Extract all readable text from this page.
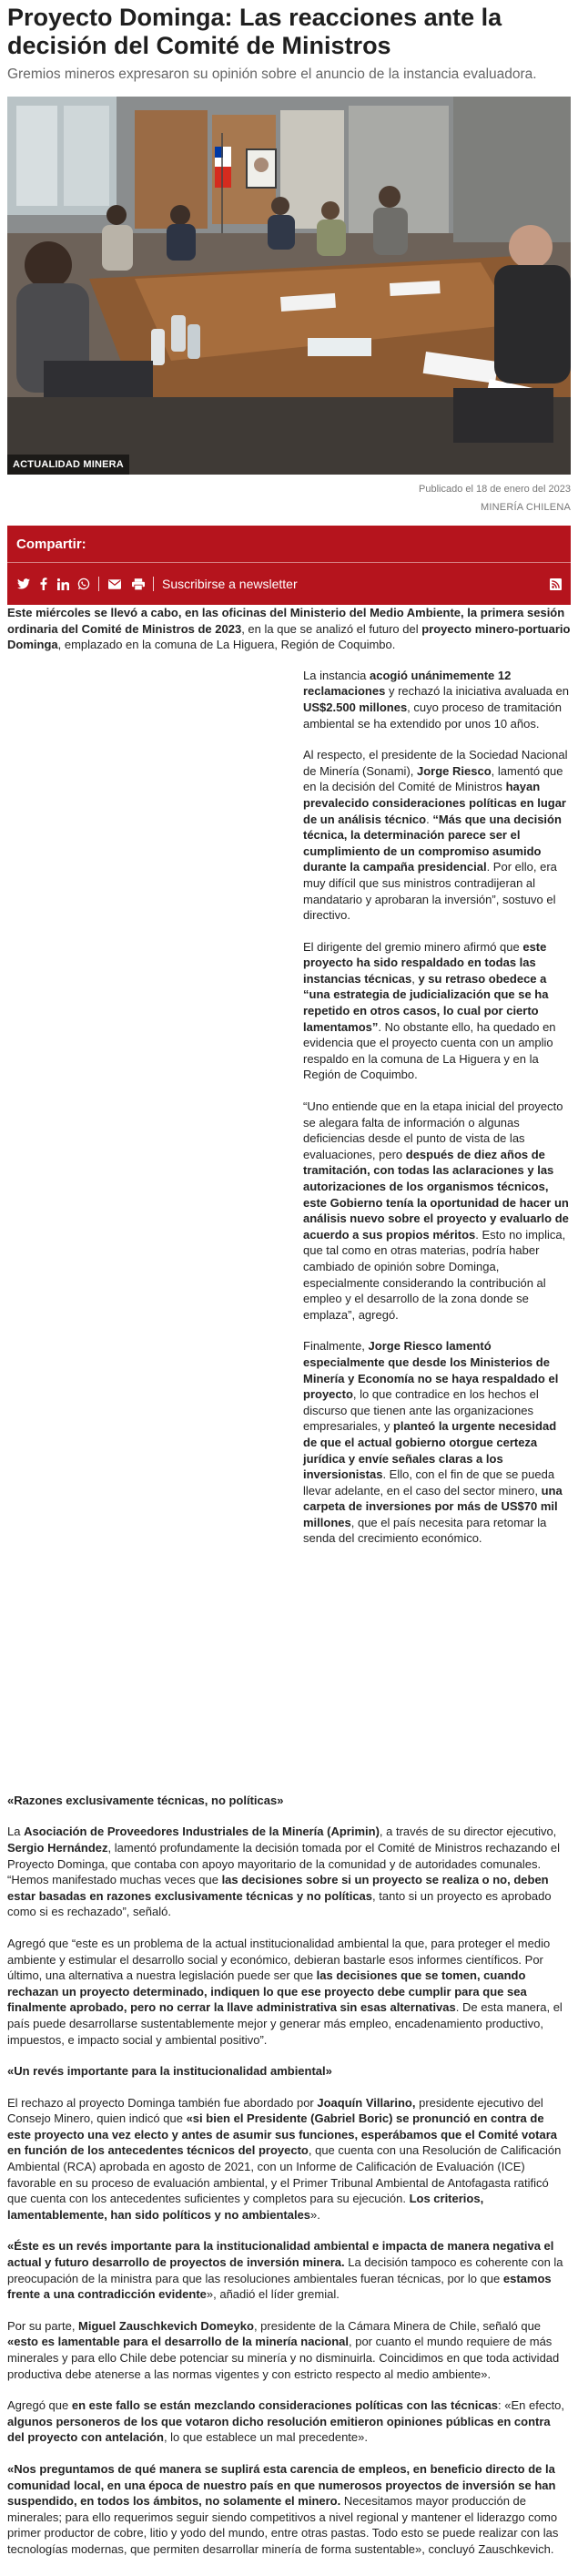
Proyecto Dominga: Las reacciones ante la decisión del Comité de Ministros

Gremios mineros expresaron su opinión sobre el anuncio de la instancia evaluadora.

ACTUALIDAD MINERA
Publicado el 18 de enero del 2023
MINERÍA CHILENA
Compartir:
Suscribirse a newsletter

Este miércoles se llevó a cabo, en las oficinas del Ministerio del Medio Ambiente, la primera sesión ordinaria del Comité de Ministros de 2023, en la que se analizó el futuro del proyecto minero-portuario Dominga, emplazado en la comuna de La Higuera, Región de Coquimbo.

La instancia acogió unánimemente 12 reclamaciones y rechazó la iniciativa avaluada en US$2.500 millones, cuyo proceso de tramitación ambiental se ha extendido por unos 10 años.

Al respecto, el presidente de la Sociedad Nacional de Minería (Sonami), Jorge Riesco, lamentó que en la decisión del Comité de Ministros hayan prevalecido consideraciones políticas en lugar de un análisis técnico. “Más que una decisión técnica, la determinación parece ser el cumplimiento de un compromiso asumido durante la campaña presidencial. Por ello, era muy difícil que sus ministros contradijeran al mandatario y aprobaran la inversión”, sostuvo el directivo.

El dirigente del gremio minero afirmó que este proyecto ha sido respaldado en todas las instancias técnicas, y su retraso obedece a “una estrategia de judicialización que se ha repetido en otros casos, lo cual por cierto lamentamos”. No obstante ello, ha quedado en evidencia que el proyecto cuenta con un amplio respaldo en la comuna de La Higuera y en la Región de Coquimbo.

“Uno entiende que en la etapa inicial del proyecto se alegara falta de información o algunas deficiencias desde el punto de vista de las evaluaciones, pero después de diez años de tramitación, con todas las aclaraciones y las autorizaciones de los organismos técnicos, este Gobierno tenía la oportunidad de hacer un análisis nuevo sobre el proyecto y evaluarlo de acuerdo a sus propios méritos. Esto no implica, que tal como en otras materias, podría haber cambiado de opinión sobre Dominga, especialmente considerando la contribución al empleo y el desarrollo de la zona donde se emplaza”, agregó.

Finalmente, Jorge Riesco lamentó especialmente que desde los Ministerios de Minería y Economía no se haya respaldado el proyecto, lo que contradice en los hechos el discurso que tienen ante las organizaciones empresariales, y planteó la urgente necesidad de que el actual gobierno otorgue certeza jurídica y envíe señales claras a los inversionistas. Ello, con el fin de que se pueda llevar adelante, en el caso del sector minero, una carpeta de inversiones por más de US$70 mil millones, que el país necesita para retomar la senda del crecimiento económico.

«Razones exclusivamente técnicas, no políticas»

La Asociación de Proveedores Industriales de la Minería (Aprimin), a través de su director ejecutivo, Sergio Hernández, lamentó profundamente la decisión tomada por el Comité de Ministros rechazando el Proyecto Dominga, que contaba con apoyo mayoritario de la comunidad y de autoridades comunales. “Hemos manifestado muchas veces que las decisiones sobre si un proyecto se realiza o no, deben estar basadas en razones exclusivamente técnicas y no políticas, tanto si un proyecto es aprobado como si es rechazado”, señaló.

Agregó que “este es un problema de la actual institucionalidad ambiental la que, para proteger el medio ambiente y estimular el desarrollo social y económico, debieran bastarle esos informes científicos. Por último, una alternativa a nuestra legislación puede ser que las decisiones que se tomen, cuando rechazan un proyecto determinado, indiquen lo que ese proyecto debe cumplir para que sea finalmente aprobado, pero no cerrar la llave administrativa sin esas alternativas. De esta manera, el país puede desarrollarse sustentablemente mejor y generar más empleo, encadenamiento productivo, impuestos, e impacto social y ambiental positivo”.

«Un revés importante para la institucionalidad ambiental»

El rechazo al proyecto Dominga también fue abordado por Joaquín Villarino, presidente ejecutivo del Consejo Minero, quien indicó que «si bien el Presidente (Gabriel Boric) se pronunció en contra de este proyecto una vez electo y antes de asumir sus funciones, esperábamos que el Comité votara en función de los antecedentes técnicos del proyecto, que cuenta con una Resolución de Calificación Ambiental (RCA) aprobada en agosto de 2021, con un Informe de Calificación de Evaluación (ICE) favorable en su proceso de evaluación ambiental, y el Primer Tribunal Ambiental de Antofagasta ratificó que cuenta con los antecedentes suficientes y completos para su ejecución. Los criterios, lamentablemente, han sido políticos y no ambientales».

«Éste es un revés importante para la institucionalidad ambiental e impacta de manera negativa el actual y futuro desarrollo de proyectos de inversión minera. La decisión tampoco es coherente con la preocupación de la ministra para que las resoluciones ambientales fueran técnicas, por lo que estamos frente a una contradicción evidente», añadió el líder gremial.

Por su parte, Miguel Zauschkevich Domeyko, presidente de la Cámara Minera de Chile, señaló que «esto es lamentable para el desarrollo de la minería nacional, por cuanto el mundo requiere de más minerales y para ello Chile debe potenciar su minería y no disminuirla. Coincidimos en que toda actividad productiva debe atenerse a las normas vigentes y con estricto respecto al medio ambiente».

Agregó que en este fallo se están mezclando consideraciones políticas con las técnicas: «En efecto, algunos personeros de los que votaron dicho resolución emitieron opiniones públicas en contra del proyecto con antelación, lo que establece un mal precedente».

«Nos preguntamos de qué manera se suplirá esta carencia de empleos, en beneficio directo de la comunidad local, en una época de nuestro país en que numerosos proyectos de inversión se han suspendido, en todos los ámbitos, no solamente el minero. Necesitamos mayor producción de minerales; para ello requerimos seguir siendo competitivos a nivel regional y mantener el liderazgo como primer productor de cobre, litio y yodo del mundo, entre otras pastas. Todo esto se puede realizar con las tecnologías modernas, que permiten desarrollar minería de forma sustentable», concluyó Zauschkevich.
